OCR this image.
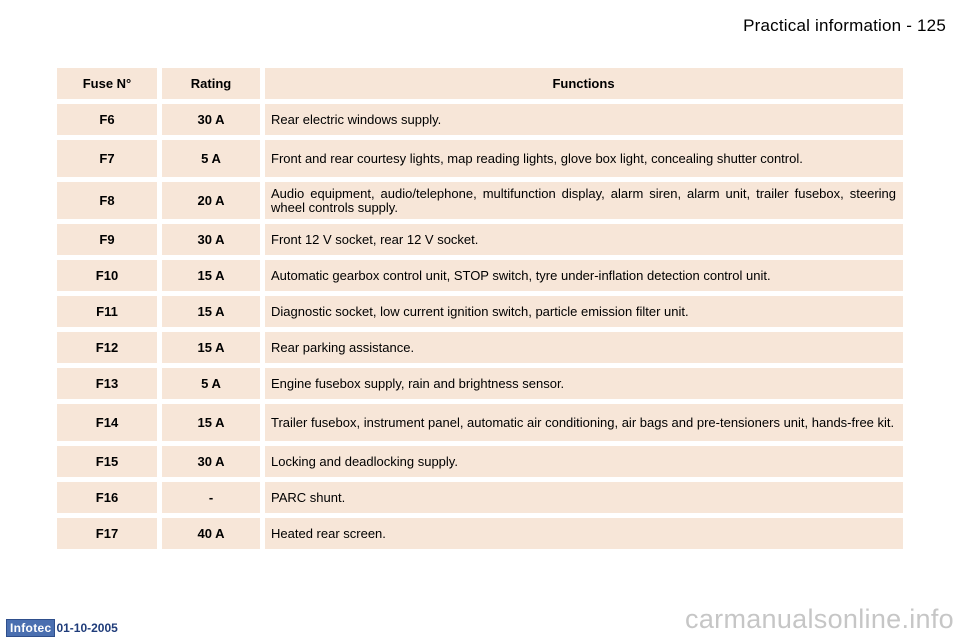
Practical information - 125
Fuse N°	Rating	Functions
F6	30 A	Rear electric windows supply.
F7	5 A	Front and rear courtesy lights, map reading lights, glove box light, concealing shutter control.
F8	20 A	Audio equipment, audio/telephone, multifunction display, alarm siren, alarm unit, trailer fusebox, steering wheel controls supply.
F9	30 A	Front 12 V socket, rear 12 V socket.
F10	15 A	Automatic gearbox control unit, STOP switch, tyre under-inflation detection control unit.
F11	15 A	Diagnostic socket, low current ignition switch, particle emission filter unit.
F12	15 A	Rear parking assistance.
F13	5 A	Engine fusebox supply, rain and brightness sensor.
F14	15 A	Trailer fusebox, instrument panel, automatic air conditioning, air bags and pre-tensioners unit, hands-free kit.
F15	30 A	Locking and deadlocking supply.
F16	-	PARC shunt.
F17	40 A	Heated rear screen.
Infotec 01-10-2005	carmanualsonline.info
